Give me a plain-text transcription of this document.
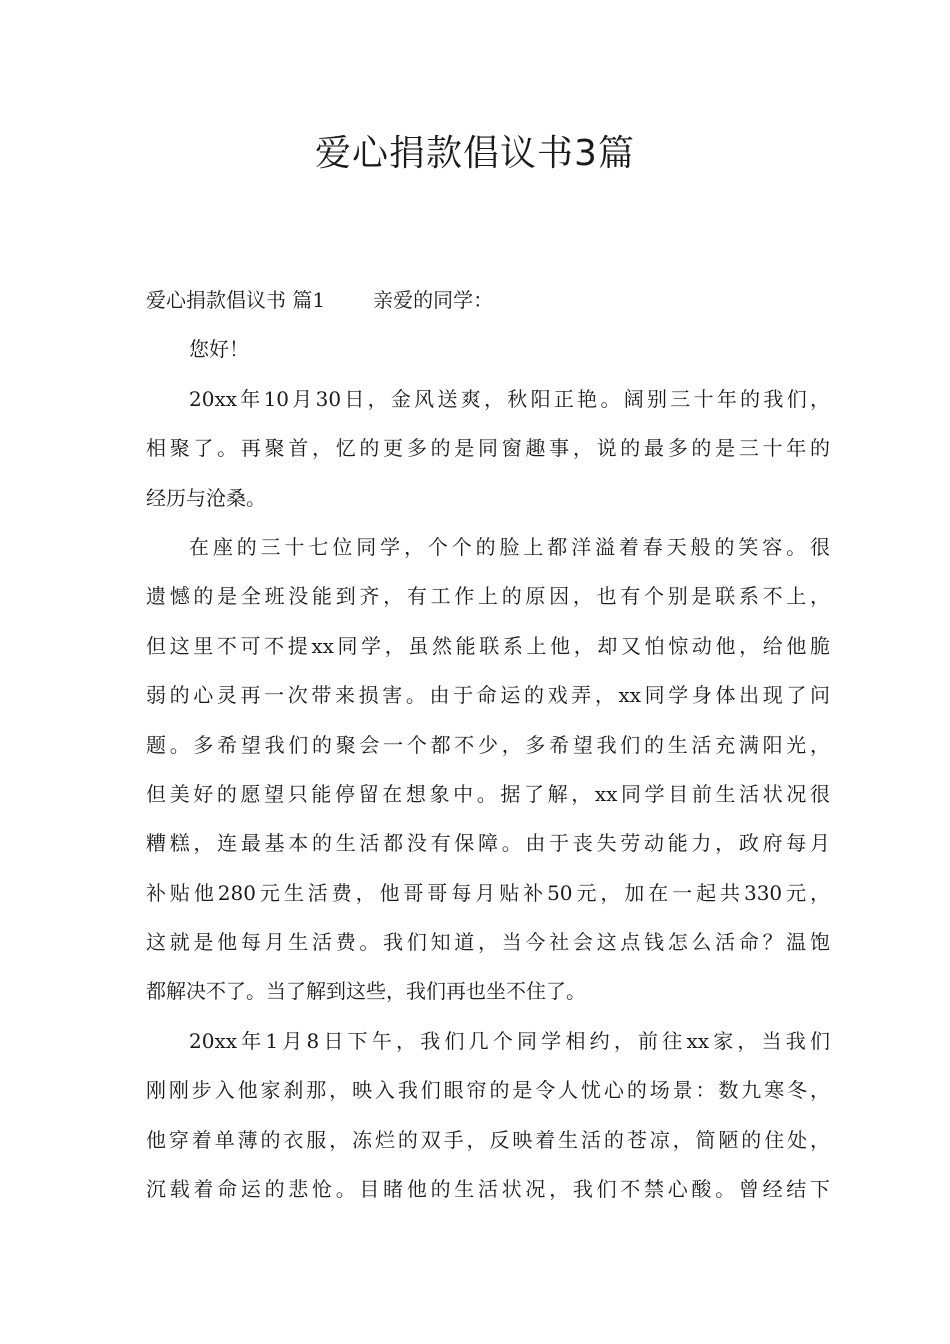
爱心捐款倡议书3篇
爱心捐款倡议书 篇1 亲爱的同学：
您好！
20xx年10月30日，金风送爽，秋阳正艳。阔别三十年的我们，
相聚了。再聚首，忆的更多的是同窗趣事，说的最多的是三十年的
经历与沧桑。
在座的三十七位同学，个个的脸上都洋溢着春天般的笑容。很
遗憾的是全班没能到齐，有工作上的原因，也有个别是联系不上，
但这里不可不提xx同学，虽然能联系上他，却又怕惊动他，给他脆
弱的心灵再一次带来损害。由于命运的戏弄，xx同学身体出现了问
题。多希望我们的聚会一个都不少，多希望我们的生活充满阳光，
但美好的愿望只能停留在想象中。据了解，xx同学目前生活状况很
糟糕，连最基本的生活都没有保障。由于丧失劳动能力，政府每月
补贴他280元生活费，他哥哥每月贴补50元，加在一起共330元，
这就是他每月生活费。我们知道，当今社会这点钱怎么活命？温饱
都解决不了。当了解到这些，我们再也坐不住了。
20xx年1月8日下午，我们几个同学相约，前往xx家，当我们
刚刚步入他家刹那，映入我们眼帘的是令人忧心的场景：数九寒冬，
他穿着单薄的衣服，冻烂的双手，反映着生活的苍凉，简陋的住处，
沉载着命运的悲怆。目睹他的生活状况，我们不禁心酸。曾经结下
